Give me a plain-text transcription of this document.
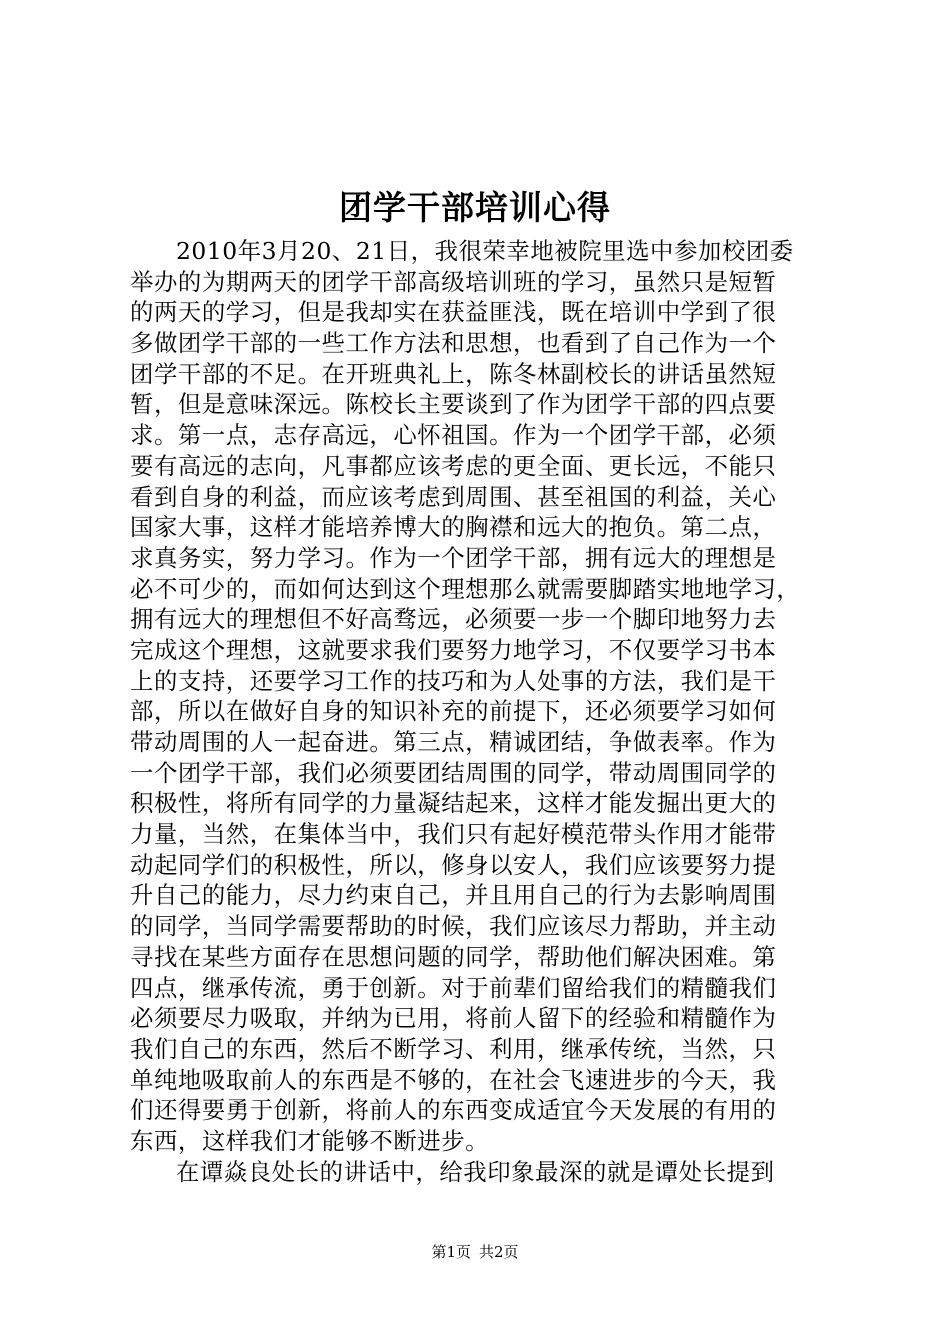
团学干部培训心得
2010年3月20、21日，我很荣幸地被院里选中参加校团委
举办的为期两天的团学干部高级培训班的学习，虽然只是短暂
的两天的学习，但是我却实在获益匪浅，既在培训中学到了很
多做团学干部的一些工作方法和思想，也看到了自己作为一个
团学干部的不足。在开班典礼上，陈冬林副校长的讲话虽然短
暂，但是意味深远。陈校长主要谈到了作为团学干部的四点要
求。第一点，志存高远，心怀祖国。作为一个团学干部，必须
要有高远的志向，凡事都应该考虑的更全面、更长远，不能只
看到自身的利益，而应该考虑到周围、甚至祖国的利益，关心
国家大事，这样才能培养博大的胸襟和远大的抱负。第二点，
求真务实，努力学习。作为一个团学干部，拥有远大的理想是
必不可少的，而如何达到这个理想那么就需要脚踏实地地学习，
拥有远大的理想但不好高骛远，必须要一步一个脚印地努力去
完成这个理想，这就要求我们要努力地学习，不仅要学习书本
上的支持，还要学习工作的技巧和为人处事的方法，我们是干
部，所以在做好自身的知识补充的前提下，还必须要学习如何
带动周围的人一起奋进。第三点，精诚团结，争做表率。作为
一个团学干部，我们必须要团结周围的同学，带动周围同学的
积极性，将所有同学的力量凝结起来，这样才能发掘出更大的
力量，当然，在集体当中，我们只有起好模范带头作用才能带
动起同学们的积极性，所以，修身以安人，我们应该要努力提
升自己的能力，尽力约束自己，并且用自己的行为去影响周围
的同学，当同学需要帮助的时候，我们应该尽力帮助，并主动
寻找在某些方面存在思想问题的同学，帮助他们解决困难。第
四点，继承传流，勇于创新。对于前辈们留给我们的精髓我们
必须要尽力吸取，并纳为已用，将前人留下的经验和精髓作为
我们自己的东西，然后不断学习、利用，继承传统，当然，只
单纯地吸取前人的东西是不够的，在社会飞速进步的今天，我
们还得要勇于创新，将前人的东西变成适宜今天发展的有用的
东西，这样我们才能够不断进步。
在谭焱良处长的讲话中，给我印象最深的就是谭处长提到
第1页 共2页
